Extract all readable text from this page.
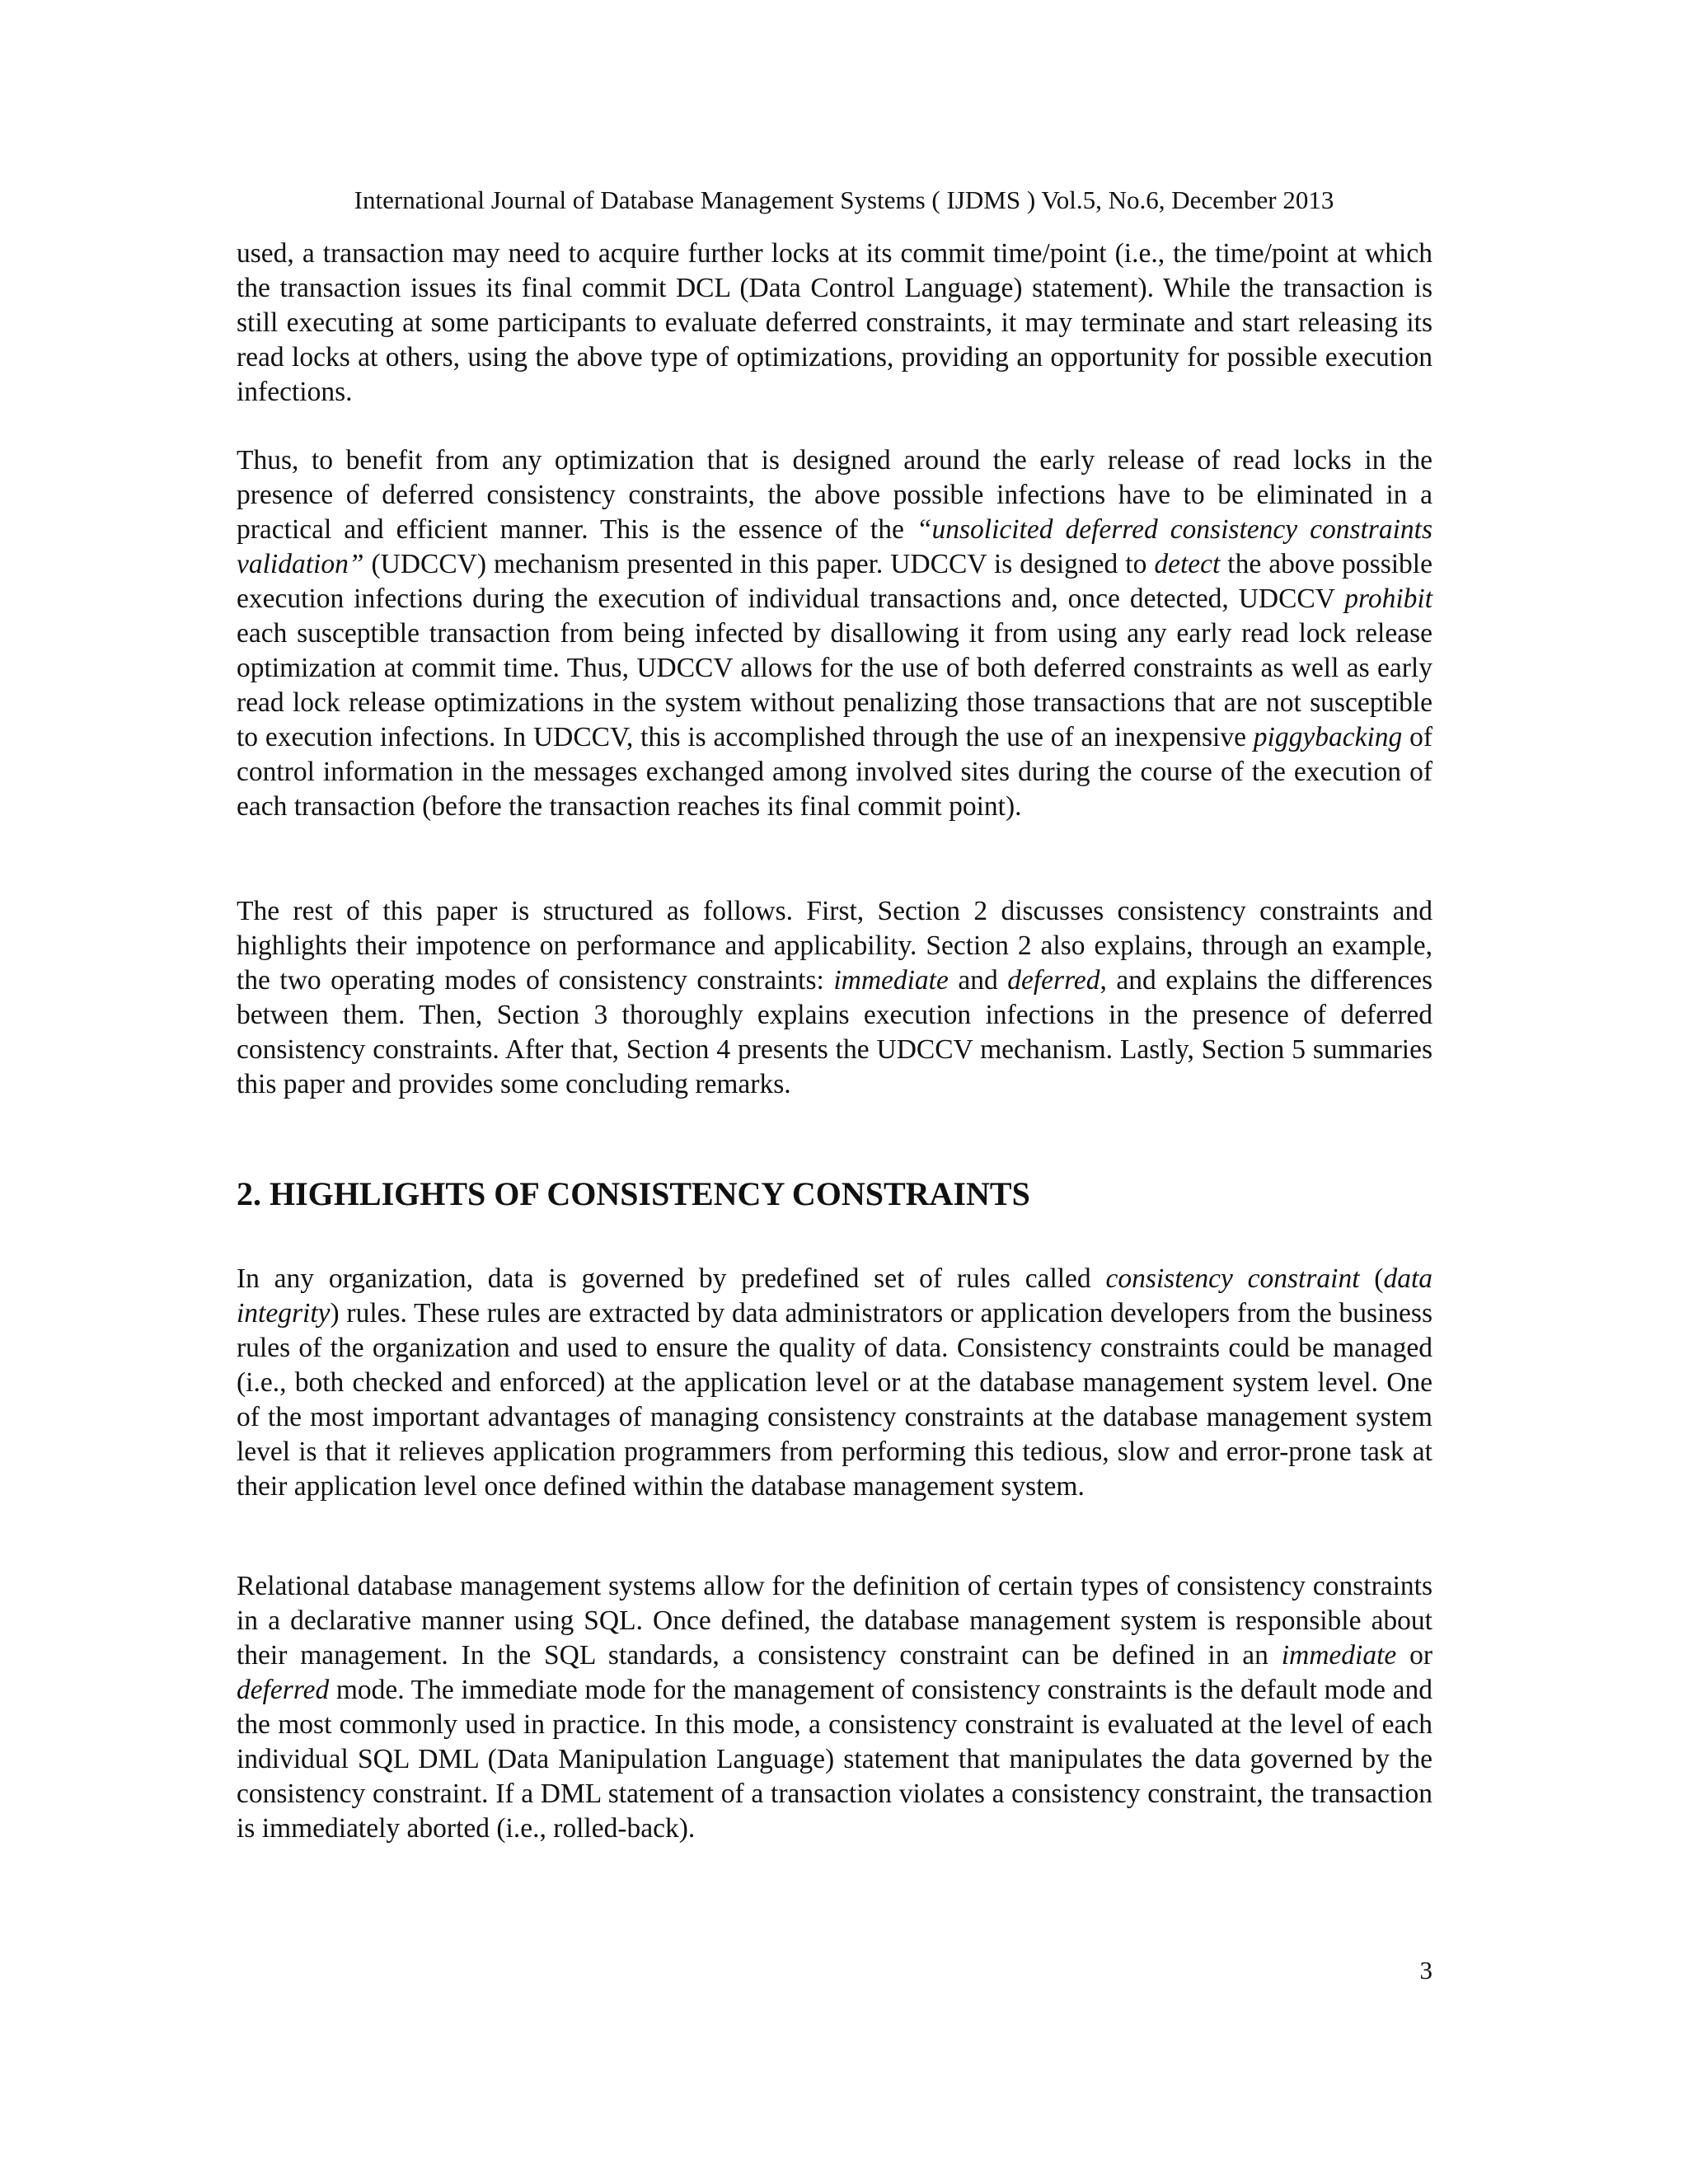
International Journal of Database Management Systems ( IJDMS ) Vol.5, No.6, December 2013

used, a transaction may need to acquire further locks at its commit time/point (i.e., the time/point at which the transaction issues its final commit DCL (Data Control Language) statement). While the transaction is still executing at some participants to evaluate deferred constraints, it may terminate and start releasing its read locks at others, using the above type of optimizations, providing an opportunity for possible execution infections.

Thus, to benefit from any optimization that is designed around the early release of read locks in the presence of deferred consistency constraints, the above possible infections have to be eliminated in a practical and efficient manner. This is the essence of the “unsolicited deferred consistency constraints validation” (UDCCV) mechanism presented in this paper. UDCCV is designed to detect the above possible execution infections during the execution of individual transactions and, once detected, UDCCV prohibit each susceptible transaction from being infected by disallowing it from using any early read lock release optimization at commit time. Thus, UDCCV allows for the use of both deferred constraints as well as early read lock release optimizations in the system without penalizing those transactions that are not susceptible to execution infections. In UDCCV, this is accomplished through the use of an inexpensive piggybacking of control information in the messages exchanged among involved sites during the course of the execution of each transaction (before the transaction reaches its final commit point).

The rest of this paper is structured as follows. First, Section 2 discusses consistency constraints and highlights their impotence on performance and applicability. Section 2 also explains, through an example, the two operating modes of consistency constraints: immediate and deferred, and explains the differences between them. Then, Section 3 thoroughly explains execution infections in the presence of deferred consistency constraints. After that, Section 4 presents the UDCCV mechanism. Lastly, Section 5 summaries this paper and provides some concluding remarks.

2. HIGHLIGHTS OF CONSISTENCY CONSTRAINTS

In any organization, data is governed by predefined set of rules called consistency constraint (data integrity) rules. These rules are extracted by data administrators or application developers from the business rules of the organization and used to ensure the quality of data. Consistency constraints could be managed (i.e., both checked and enforced) at the application level or at the database management system level. One of the most important advantages of managing consistency constraints at the database management system level is that it relieves application programmers from performing this tedious, slow and error-prone task at their application level once defined within the database management system.

Relational database management systems allow for the definition of certain types of consistency constraints in a declarative manner using SQL. Once defined, the database management system is responsible about their management. In the SQL standards, a consistency constraint can be defined in an immediate or deferred mode. The immediate mode for the management of consistency constraints is the default mode and the most commonly used in practice. In this mode, a consistency constraint is evaluated at the level of each individual SQL DML (Data Manipulation Language) statement that manipulates the data governed by the consistency constraint. If a DML statement of a transaction violates a consistency constraint, the transaction is immediately aborted (i.e., rolled-back).

3
